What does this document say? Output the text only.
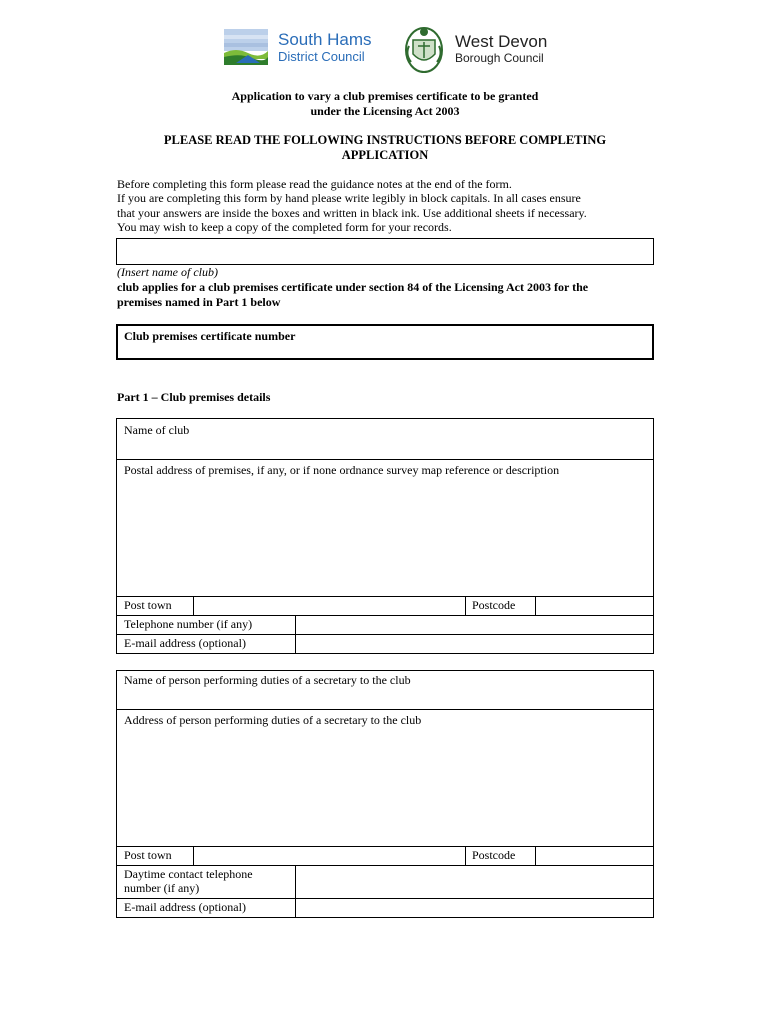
South Hams
District Council
West Devon
Borough Council
Application to vary a club premises certificate to be granted
under the Licensing Act 2003
PLEASE READ THE FOLLOWING INSTRUCTIONS BEFORE COMPLETING
APPLICATION
Before completing this form please read the guidance notes at the end of the form.
If you are completing this form by hand please write legibly in block capitals. In all cases ensure
that your answers are inside the boxes and written in black ink. Use additional sheets if necessary.
You may wish to keep a copy of the completed form for your records.
(Insert name of club)
club applies for a club premises certificate under section 84 of the Licensing Act 2003 for the
premises named in Part 1 below
Club premises certificate number
Part 1 – Club premises details
Name of club
Postal address of premises, if any, or if none ordnance survey map reference or description
Post town	Postcode
Telephone number (if any)
E-mail address (optional)
Name of person performing duties of a secretary to the club
Address of person performing duties of a secretary to the club
Post town	Postcode
Daytime contact telephone
number (if any)
E-mail address (optional)
